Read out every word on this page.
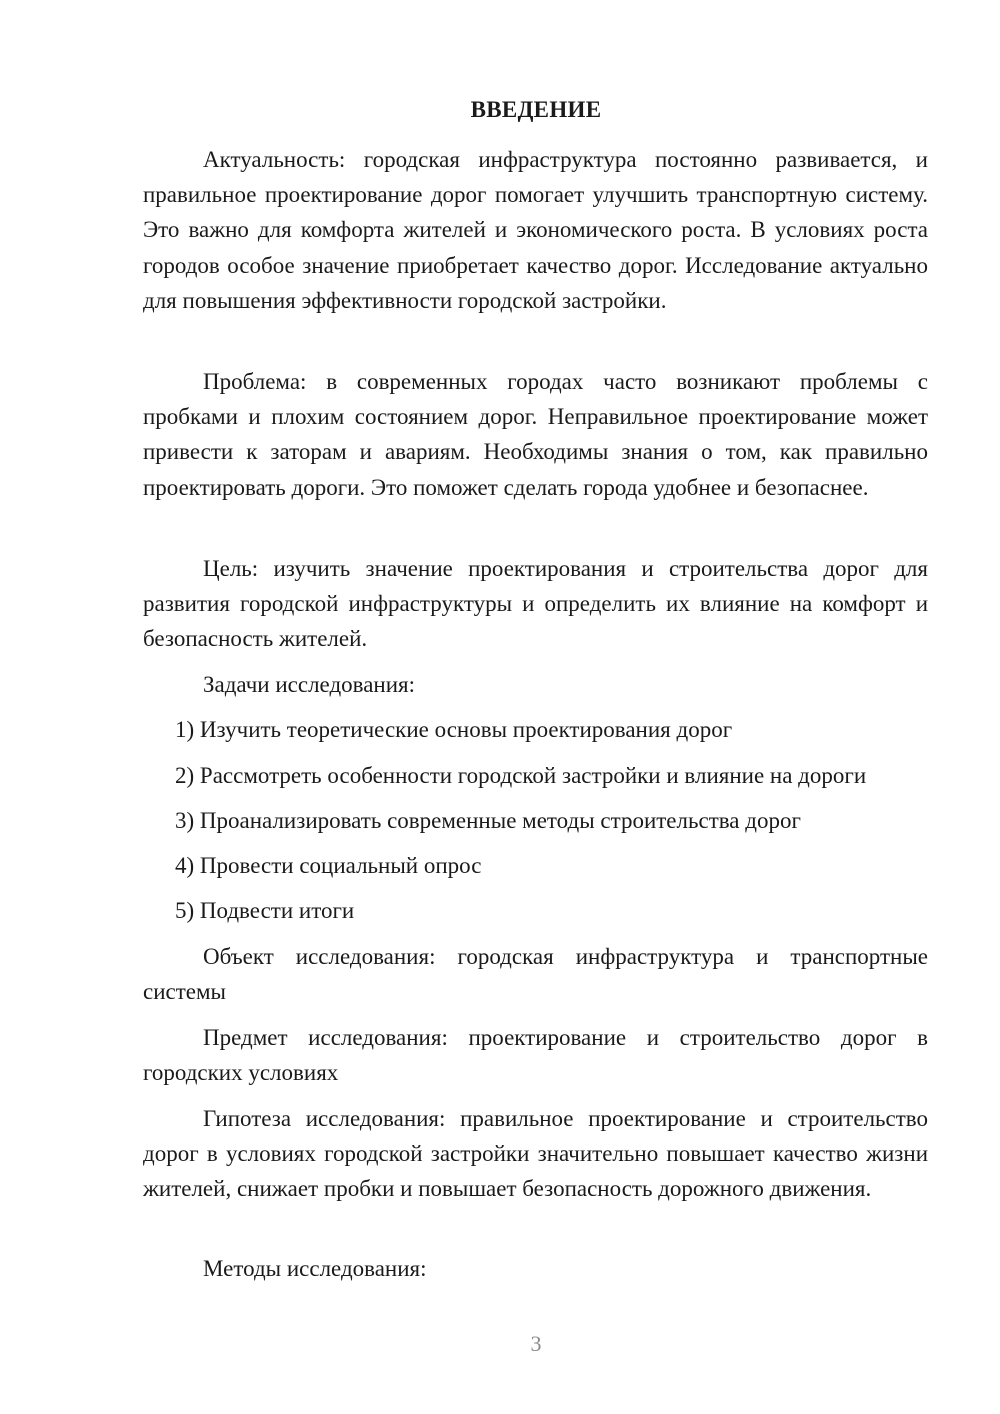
ВВЕДЕНИЕ

Актуальность: городская инфраструктура постоянно развивается, и правильное проектирование дорог помогает улучшить транспортную систему. Это важно для комфорта жителей и экономического роста. В условиях роста городов особое значение приобретает качество дорог. Исследование актуально для повышения эффективности городской застройки.

Проблема: в современных городах часто возникают проблемы с пробками и плохим состоянием дорог. Неправильное проектирование может привести к заторам и авариям. Необходимы знания о том, как правильно проектировать дороги. Это поможет сделать города удобнее и безопаснее.

Цель: изучить значение проектирования и строительства дорог для развития городской инфраструктуры и определить их влияние на комфорт и безопасность жителей.

Задачи исследования:

1) Изучить теоретические основы проектирования дорог

2) Рассмотреть особенности городской застройки и влияние на дороги

3) Проанализировать современные методы строительства дорог

4) Провести социальный опрос

5) Подвести итоги

Объект исследования: городская инфраструктура и транспортные системы

Предмет исследования: проектирование и строительство дорог в городских условиях

Гипотеза исследования: правильное проектирование и строительство дорог в условиях городской застройки значительно повышает качество жизни жителей, снижает пробки и повышает безопасность дорожного движения.

Методы исследования:

3
